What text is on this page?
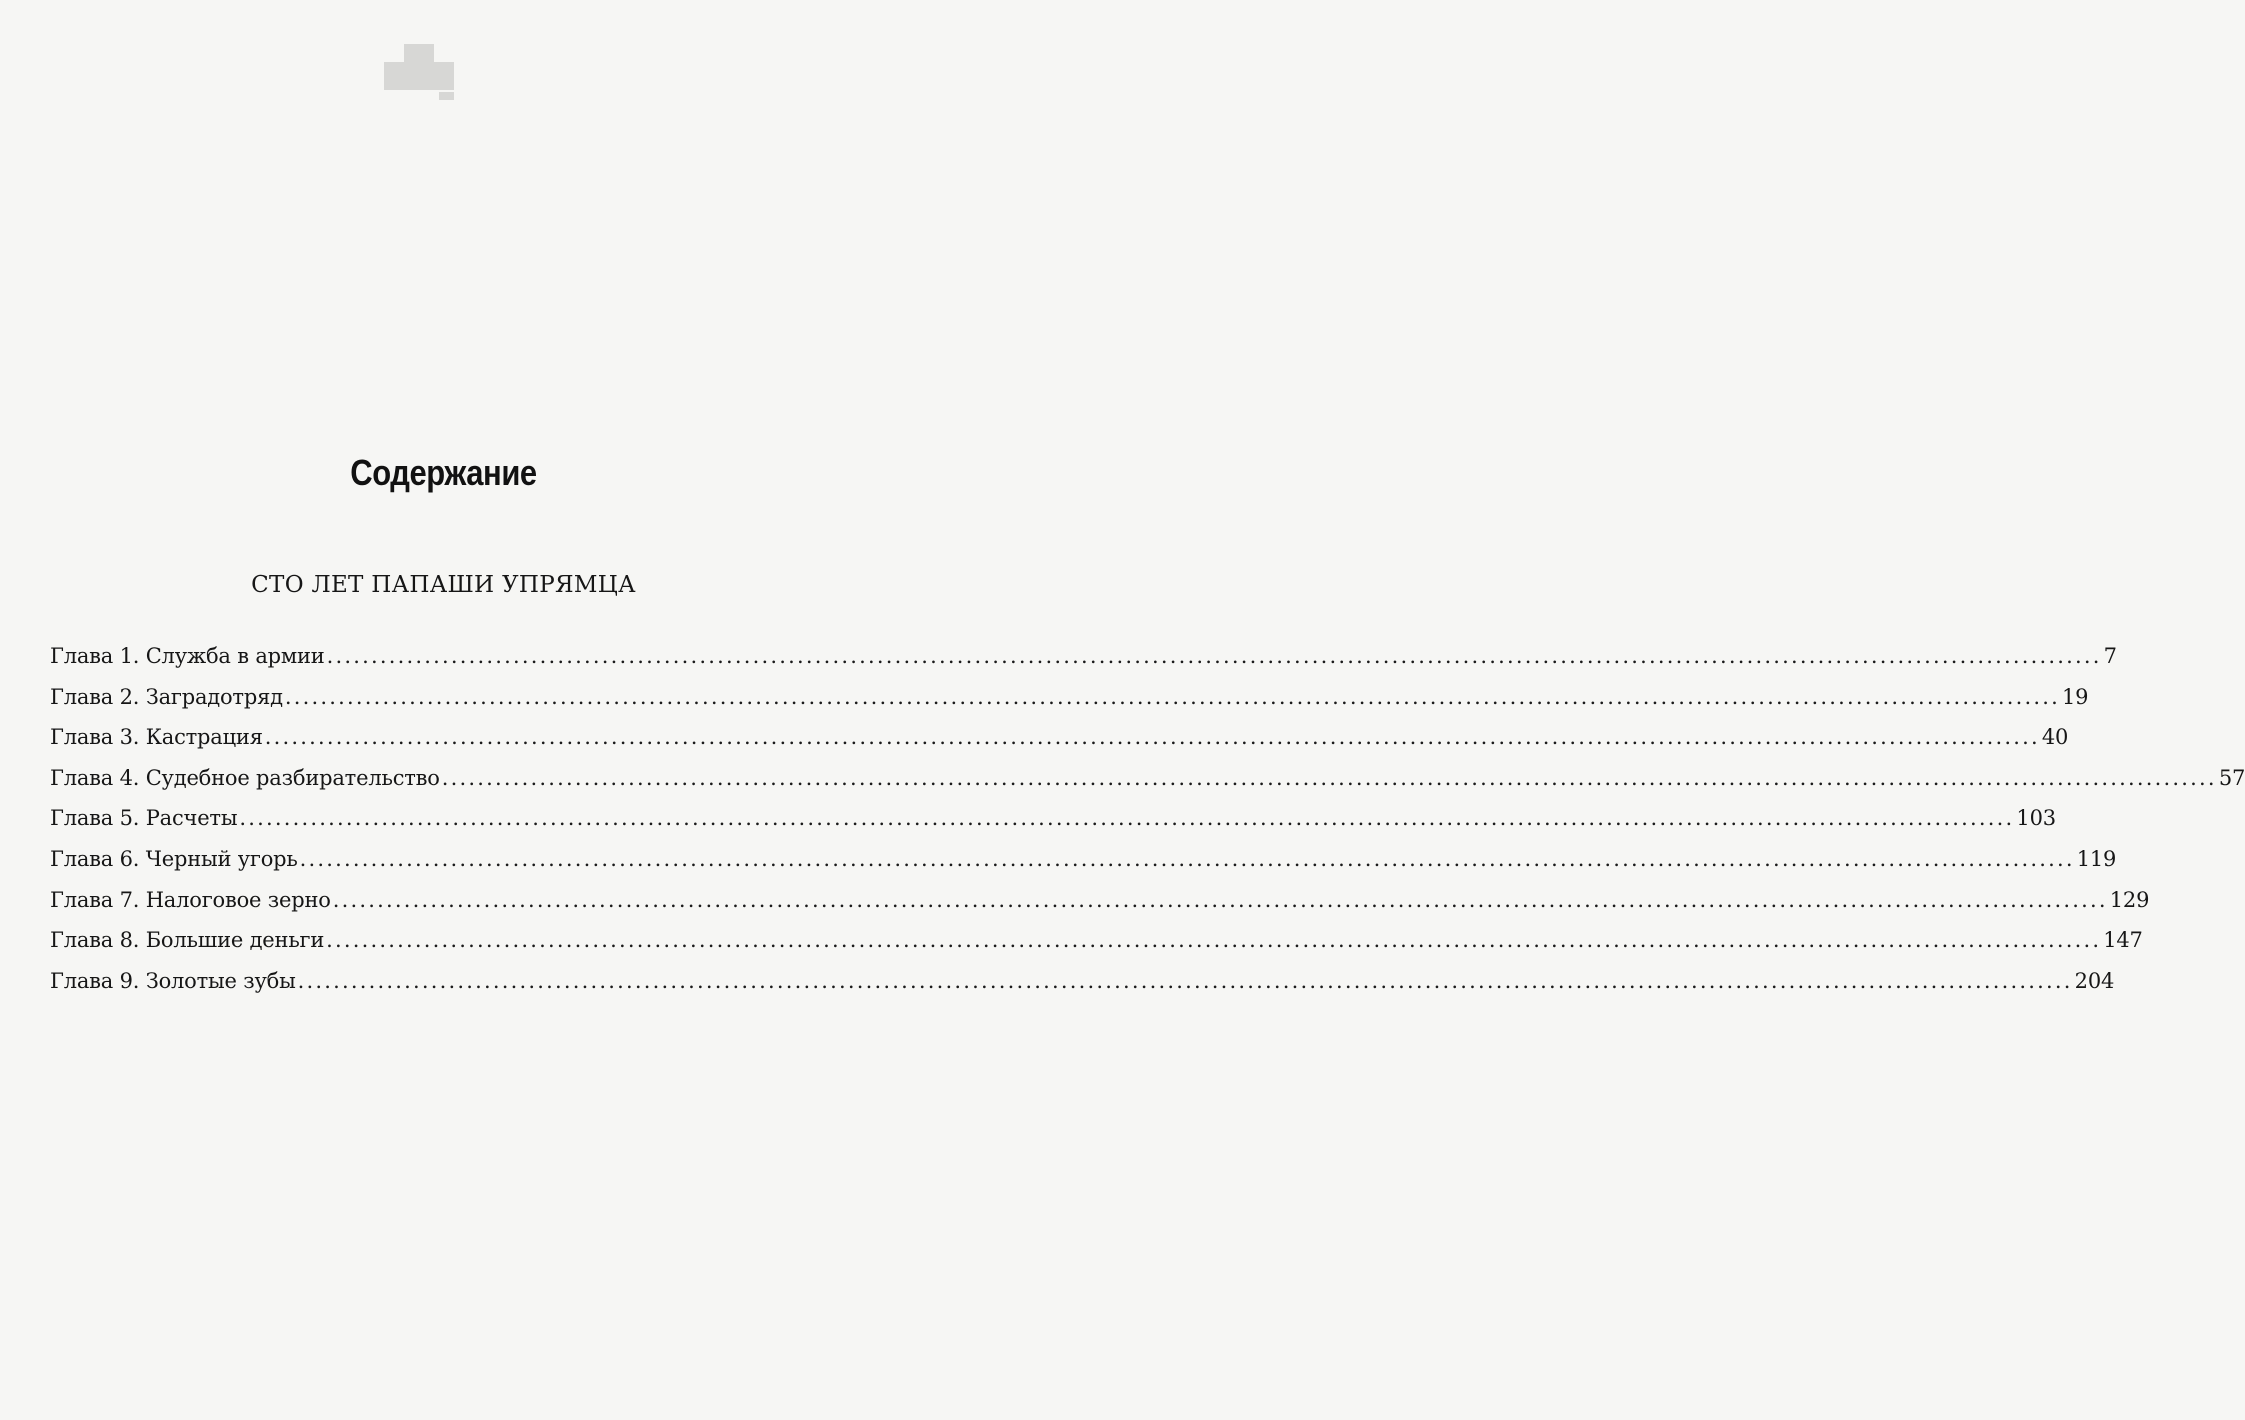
Содержание
СТО ЛЕТ ПАПАШИ УПРЯМЦА
Глава 1. Служба в армии ........................................................................................................................................................................................................ 7
Глава 2. Заградотряд ........................................................................................................................................................................................................ 19
Глава 3. Кастрация ........................................................................................................................................................................................................ 40
Глава 4. Судебное разбирательство ........................................................................................................................................................................................................ 57
Глава 5. Расчеты ........................................................................................................................................................................................................ 103
Глава 6. Черный угорь ........................................................................................................................................................................................................ 119
Глава 7. Налоговое зерно ........................................................................................................................................................................................................ 129
Глава 8. Большие деньги ........................................................................................................................................................................................................ 147
Глава 9. Золотые зубы ........................................................................................................................................................................................................ 204
